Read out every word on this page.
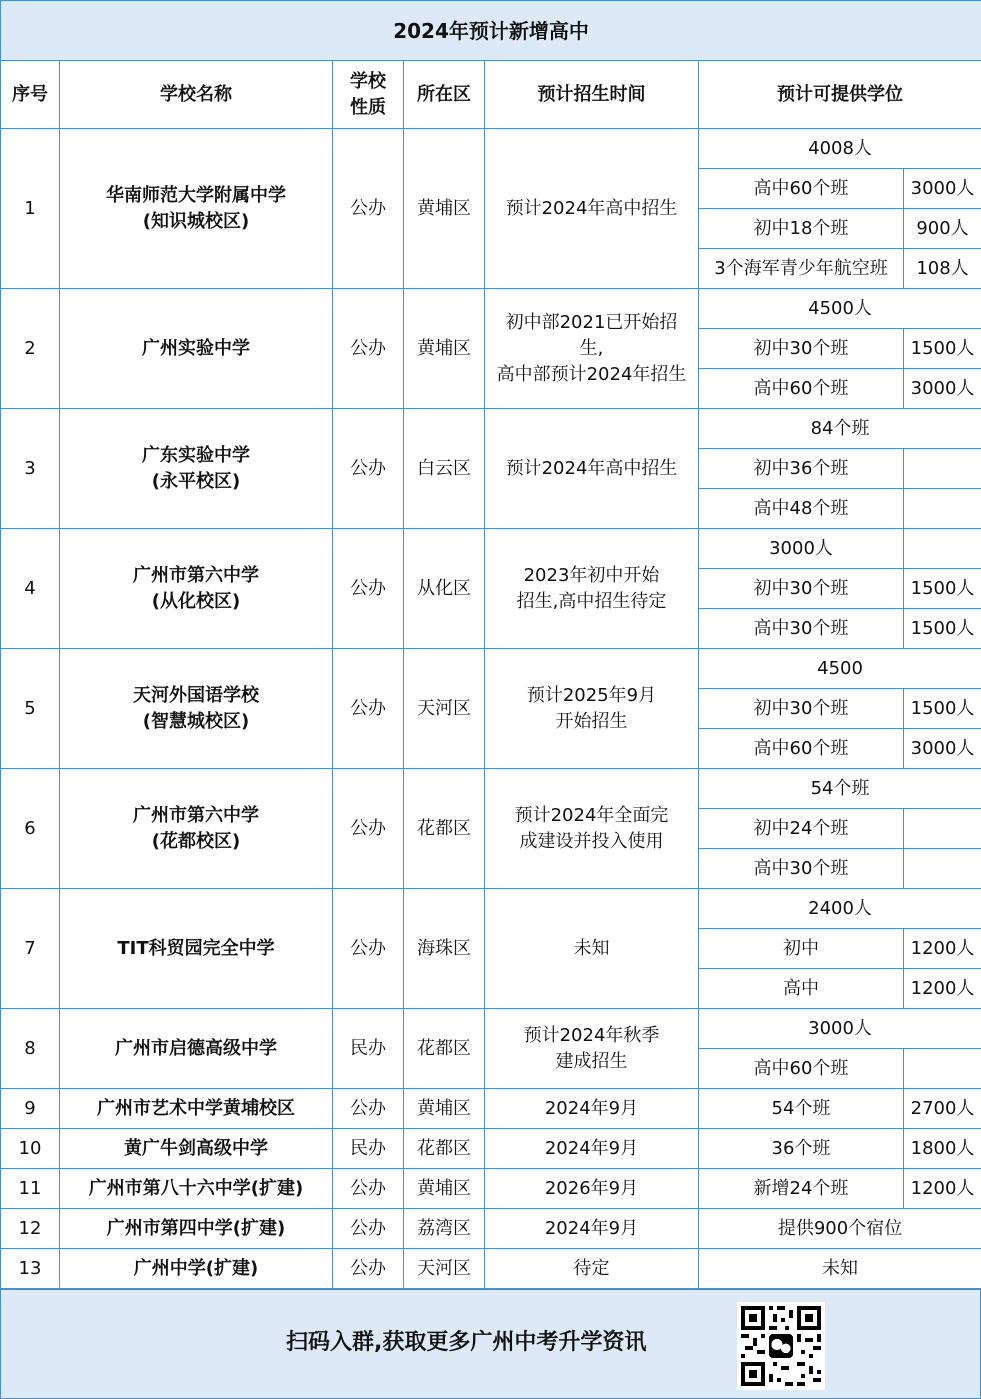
2024年预计新增高中						
序号	学校名称	学校性质	所在区	预计招生时间	预计可提供学位	
1	华南师范大学附属中学
(知识城校区)	公办	黄埔区	预计2024年高中招生	4008人	
					高中60个班	3000人
					初中18个班	900人
					3个海军青少年航空班	108人
2	广州实验中学	公办	黄埔区	初中部2021已开始招
生,
高中部预计2024年招生	4500人	
					初中30个班	1500人
					高中60个班	3000人
3	广东实验中学
(永平校区)	公办	白云区	预计2024年高中招生	84个班	
					初中36个班	
					高中48个班	
4	广州市第六中学
(从化校区)	公办	从化区	2023年初中开始
招生,高中招生待定	3000人	
					初中30个班	1500人
					高中30个班	1500人
5	天河外国语学校
(智慧城校区)	公办	天河区	预计2025年9月
开始招生	4500	
					初中30个班	1500人
					高中60个班	3000人
6	广州市第六中学
(花都校区)	公办	花都区	预计2024年全面完
成建设并投入使用	54个班	
					初中24个班	
					高中30个班	
7	TIT科贸园完全中学	公办	海珠区	未知	2400人	
					初中	1200人
					高中	1200人
8	广州市启德高级中学	民办	花都区	预计2024年秋季
建成招生	3000人	
					高中60个班	
9	广州市艺术中学黄埔校区	公办	黄埔区	2024年9月	54个班	2700人
10	黄广牛剑高级中学	民办	花都区	2024年9月	36个班	1800人
11	广州市第八十六中学(扩建)	公办	黄埔区	2026年9月	新增24个班	1200人
12	广州市第四中学(扩建)	公办	荔湾区	2024年9月	提供900个宿位	
13	广州中学(扩建)	公办	天河区	待定	未知	
扫码入群,获取更多广州中考升学资讯
